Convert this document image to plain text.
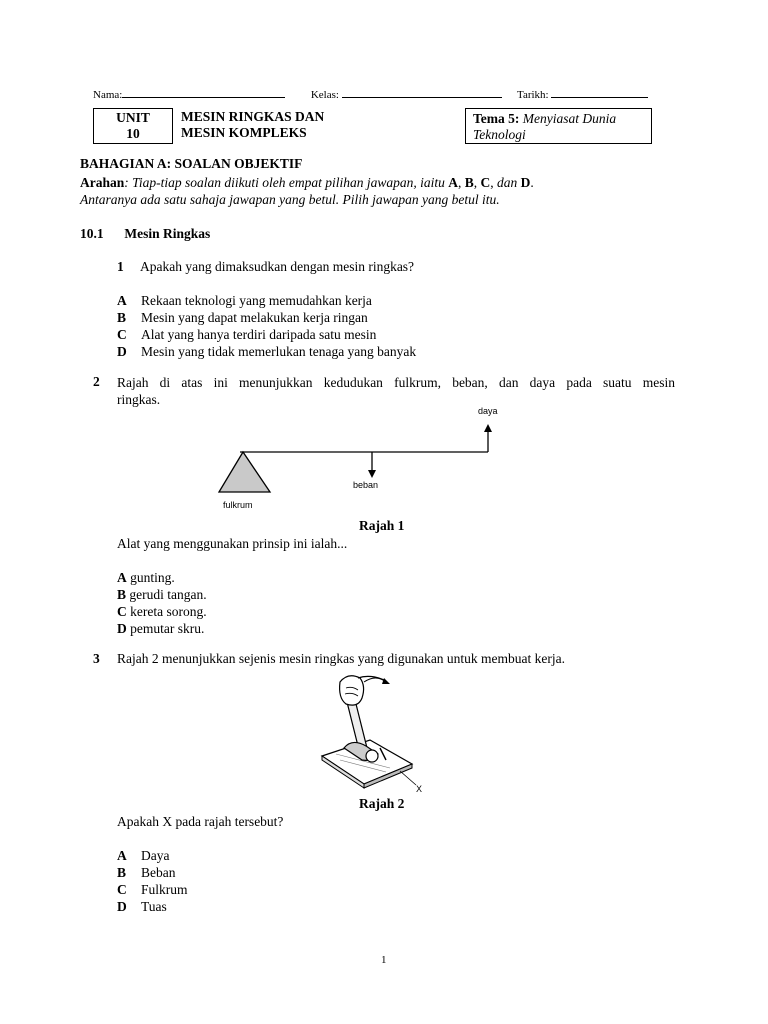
Nama:	Kelas:	Tarikh:
UNIT
10
MESIN RINGKAS DAN
MESIN KOMPLEKS
Tema 5: Menyiasat Dunia
Teknologi
BAHAGIAN A: SOALAN OBJEKTIF
Arahan: Tiap-tiap soalan diikuti oleh empat pilihan jawapan, iaitu A, B, C, dan D.
Antaranya ada satu sahaja jawapan yang betul. Pilih jawapan yang betul itu.
10.1 Mesin Ringkas
1 Apakah yang dimaksudkan dengan mesin ringkas?
A Rekaan teknologi yang memudahkan kerja
B Mesin yang dapat melakukan kerja ringan
C Alat yang hanya terdiri daripada satu mesin
D Mesin yang tidak memerlukan tenaga yang banyak
2 Rajah di atas ini menunjukkan kedudukan fulkrum, beban, dan daya pada suatu mesin
ringkas.
daya
beban
fulkrum
Rajah 1
Alat yang menggunakan prinsip ini ialah...
A gunting.
B gerudi tangan.
C kereta sorong.
D pemutar skru.
3 Rajah 2 menunjukkan sejenis mesin ringkas yang digunakan untuk membuat kerja.
X
Rajah 2
Apakah X pada rajah tersebut?
A Daya
B Beban
C Fulkrum
D Tuas
1
